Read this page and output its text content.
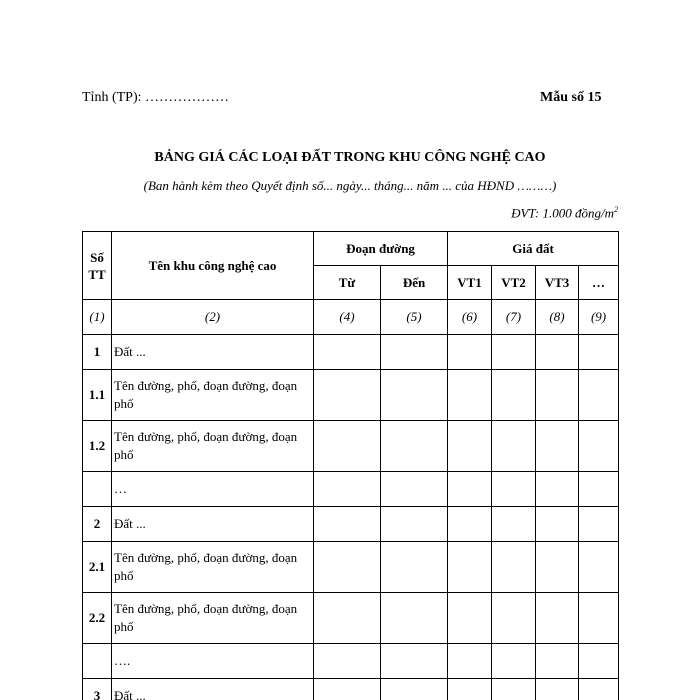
Tỉnh (TP): ………………	Mẫu số 15
BẢNG GIÁ CÁC LOẠI ĐẤT TRONG KHU CÔNG NGHỆ CAO
(Ban hành kèm theo Quyết định số... ngày... tháng... năm ... của HĐND ………)
ĐVT: 1.000 đồng/$m^2$
Số TT	Tên khu công nghệ cao	Đoạn đường		Giá đất			
		Từ	Đến	VT1	VT2	VT3	…
(1)	(2)	(4)	(5)	(6)	(7)	(8)	(9)
1	Đất ...						
1.1	Tên đường, phố, đoạn đường, đoạn phố						
1.2	Tên đường, phố, đoạn đường, đoạn phố						
	…						
2	Đất ...						
2.1	Tên đường, phố, đoạn đường, đoạn phố						
2.2	Tên đường, phố, đoạn đường, đoạn phố						
	….						
3	Đất ...						
